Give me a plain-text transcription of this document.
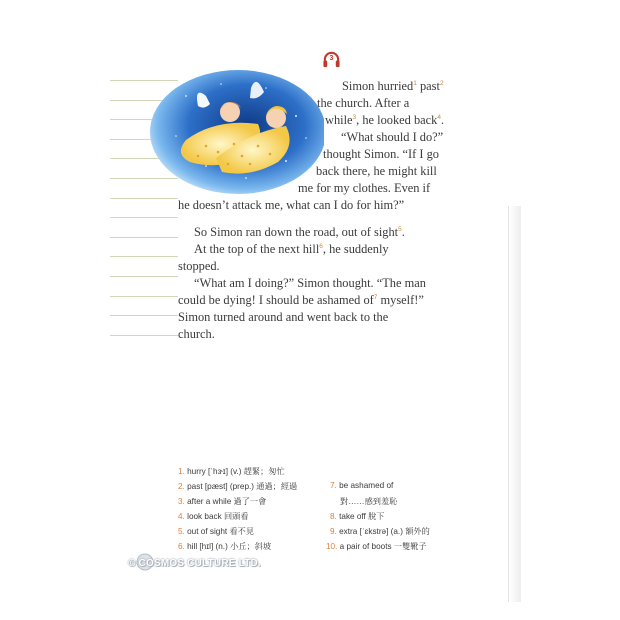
3
Simon hurried$^1$ past$^2$
the church. After a
while$^3$, he looked back$^4$.
“What should I do?”
thought Simon. “If I go
back there, he might kill
me for my clothes. Even if
he doesn’t attack me, what can I do for him?”
So Simon ran down the road, out of sight$^5$.
At the top of the next hill$^6$, he suddenly
stopped.
“What am I doing?” Simon thought. “The man
could be dying! I should be ashamed $of^7$ myself!”
Simon turned around and went back to the
church.
1. hurry [ˈhɝɪ] (v.) 趕緊；匆忙
2. past [pæst] (prep.) 通過；經過
3. after a while 過了一會
4. look back 回頭看
5. out of sight 看不見
6. hill [hɪl] (n.) 小丘；斜坡
7. be ashamed of
對……感到羞恥
8. take off 脫下
9. extra [ˈɛkstrə] (a.) 額外的
10. a pair of boots 一雙靴子
© COSMOS CULTURE LTD.
